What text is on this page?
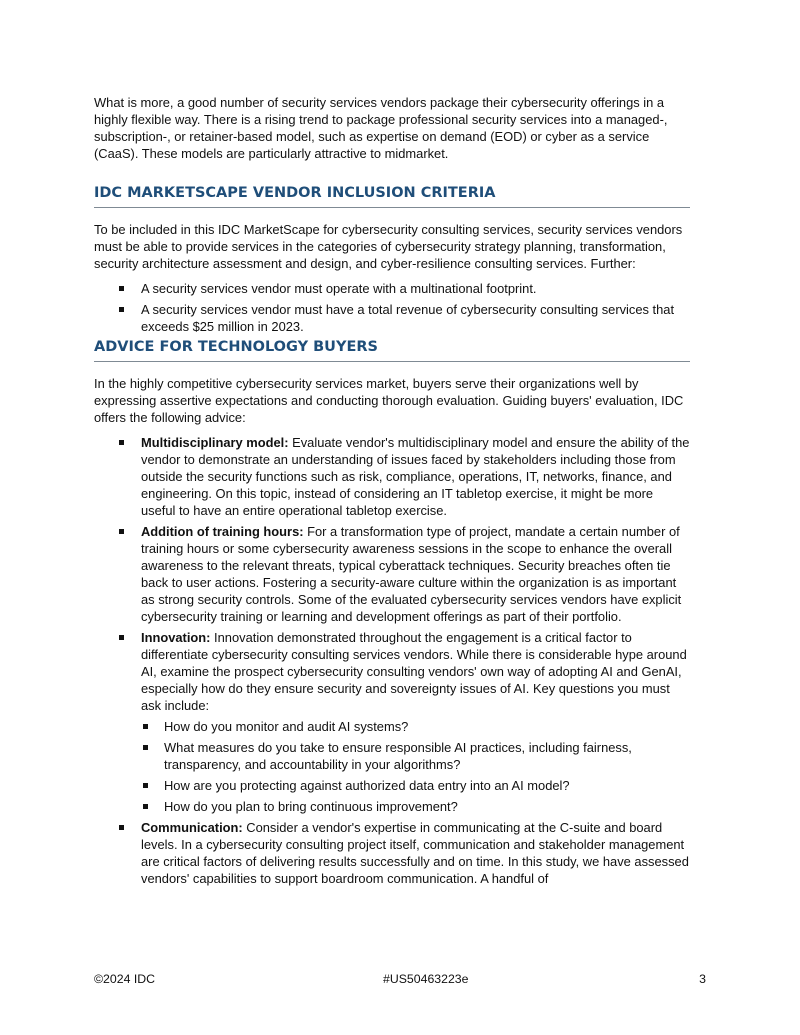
What is more, a good number of security services vendors package their cybersecurity offerings in a highly flexible way. There is a rising trend to package professional security services into a managed-, subscription-, or retainer-based model, such as expertise on demand (EOD) or cyber as a service (CaaS). These models are particularly attractive to midmarket.

IDC MARKETSCAPE VENDOR INCLUSION CRITERIA

To be included in this IDC MarketScape for cybersecurity consulting services, security services vendors must be able to provide services in the categories of cybersecurity strategy planning, transformation, security architecture assessment and design, and cyber-resilience consulting services. Further:

A security services vendor must operate with a multinational footprint.
A security services vendor must have a total revenue of cybersecurity consulting services that exceeds $25 million in 2023.
ADVICE FOR TECHNOLOGY BUYERS

In the highly competitive cybersecurity services market, buyers serve their organizations well by expressing assertive expectations and conducting thorough evaluation. Guiding buyers' evaluation, IDC offers the following advice:

Multidisciplinary model: Evaluate vendor's multidisciplinary model and ensure the ability of the vendor to demonstrate an understanding of issues faced by stakeholders including those from outside the security functions such as risk, compliance, operations, IT, networks, finance, and engineering. On this topic, instead of considering an IT tabletop exercise, it might be more useful to have an entire operational tabletop exercise.
Addition of training hours: For a transformation type of project, mandate a certain number of training hours or some cybersecurity awareness sessions in the scope to enhance the overall awareness to the relevant threats, typical cyberattack techniques. Security breaches often tie back to user actions. Fostering a security-aware culture within the organization is as important as strong security controls. Some of the evaluated cybersecurity services vendors have explicit cybersecurity training or learning and development offerings as part of their portfolio.
Innovation: Innovation demonstrated throughout the engagement is a critical factor to differentiate cybersecurity consulting services vendors. While there is considerable hype around AI, examine the prospect cybersecurity consulting vendors' own way of adopting AI and GenAI, especially how do they ensure security and sovereignty issues of AI. Key questions you must ask include:
How do you monitor and audit AI systems?
What measures do you take to ensure responsible AI practices, including fairness, transparency, and accountability in your algorithms?
How are you protecting against authorized data entry into an AI model?
How do you plan to bring continuous improvement?
Communication: Consider a vendor's expertise in communicating at the C-suite and board levels. In a cybersecurity consulting project itself, communication and stakeholder management are critical factors of delivering results successfully and on time. In this study, we have assessed vendors' capabilities to support boardroom communication. A handful of
©2024 IDC	#US50463223e	3
